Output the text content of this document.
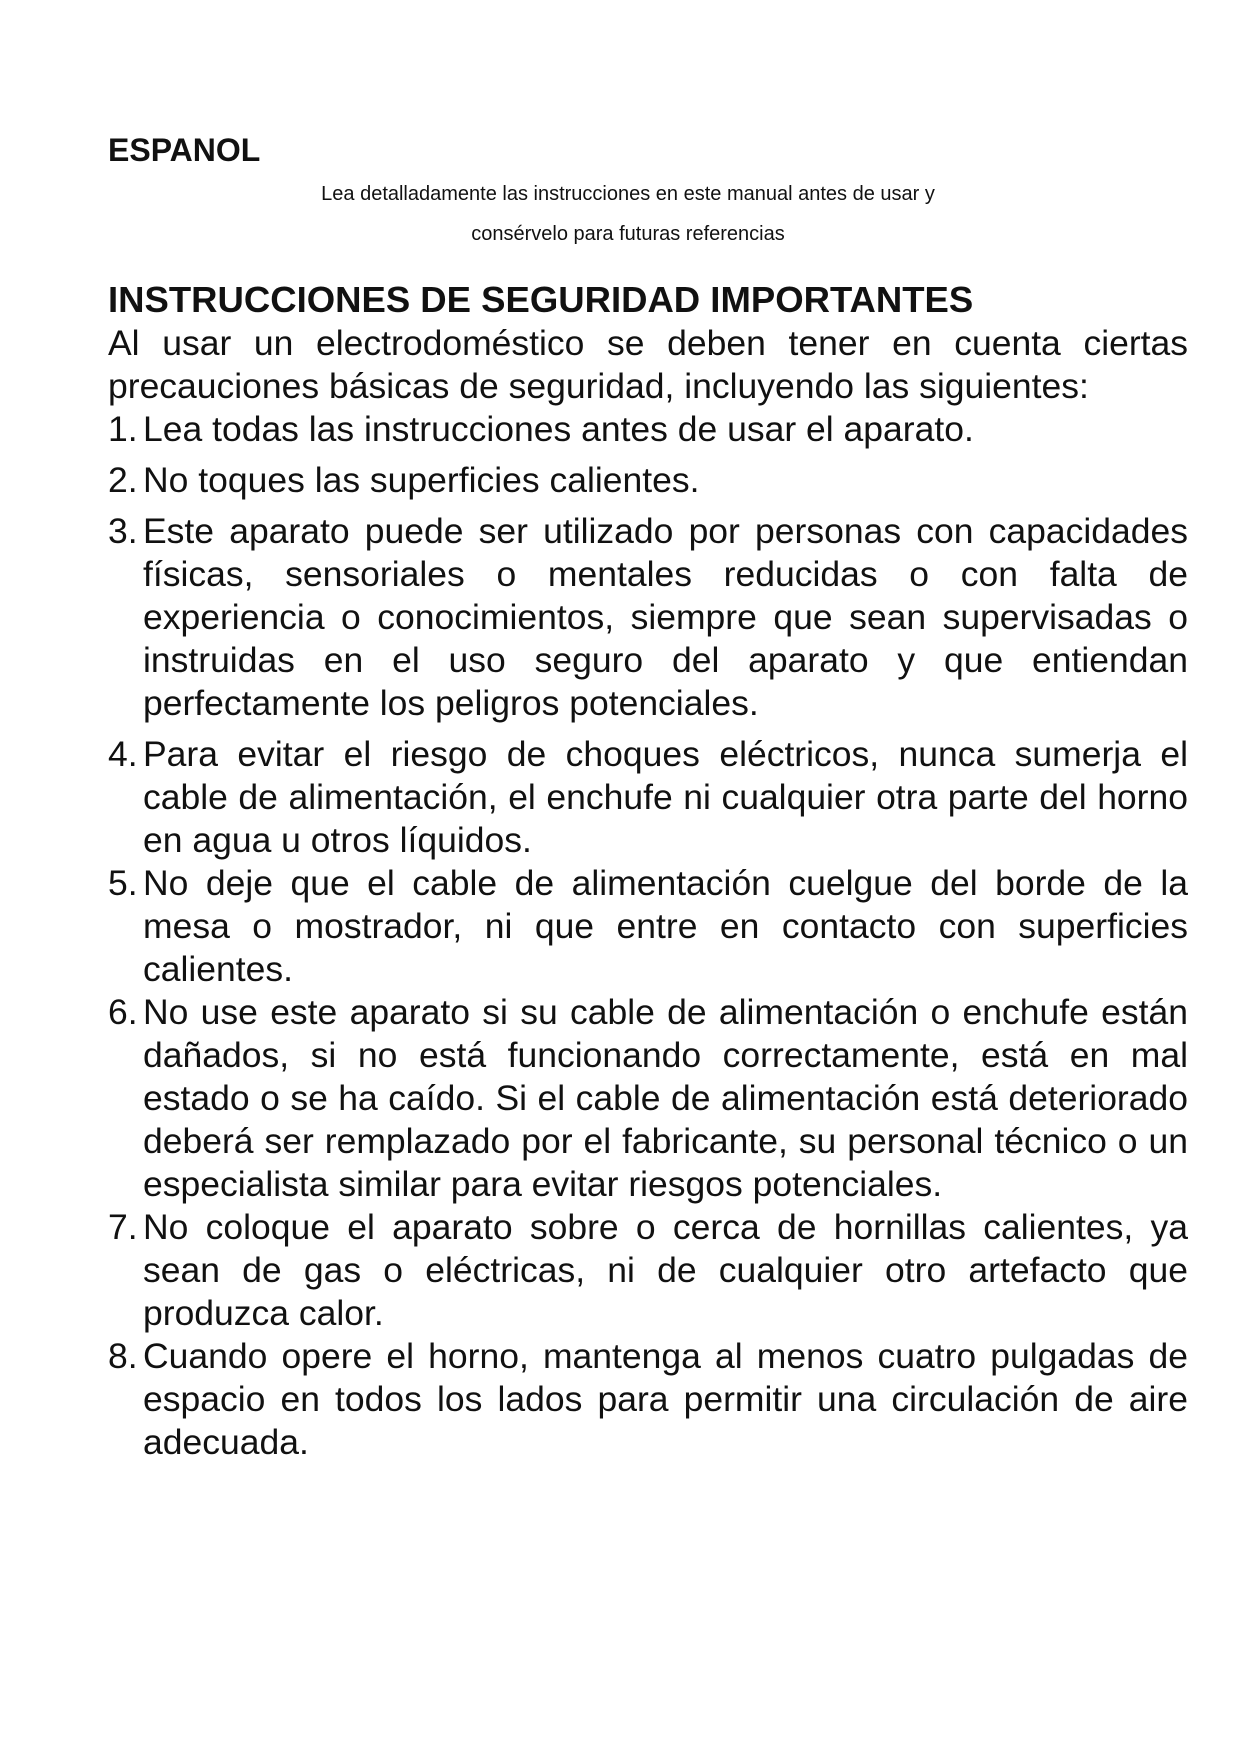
ESPANOL

Lea detalladamente las instrucciones en este manual antes de usar y
consérvelo para futuras referencias

INSTRUCCIONES DE SEGURIDAD IMPORTANTES

Al usar un electrodoméstico se deben tener en cuenta ciertas precauciones básicas de seguridad, incluyendo las siguientes:

1. Lea todas las instrucciones antes de usar el aparato.
2. No toques las superficies calientes.
3. Este aparato puede ser utilizado por personas con capacidades físicas, sensoriales o mentales reducidas o con falta de experiencia o conocimientos, siempre que sean supervisadas o instruidas en el uso seguro del aparato y que entiendan perfectamente los peligros potenciales.
4. Para evitar el riesgo de choques eléctricos, nunca sumerja el cable de alimentación, el enchufe ni cualquier otra parte del horno en agua u otros líquidos.
5. No deje que el cable de alimentación cuelgue del borde de la mesa o mostrador, ni que entre en contacto con superficies calientes.
6. No use este aparato si su cable de alimentación o enchufe están dañados, si no está funcionando correctamente, está en mal estado o se ha caído. Si el cable de alimentación está deteriorado deberá ser remplazado por el fabricante, su personal técnico o un especialista similar para evitar riesgos potenciales.
7. No coloque el aparato sobre o cerca de hornillas calientes, ya sean de gas o eléctricas, ni de cualquier otro artefacto que produzca calor.
8. Cuando opere el horno, mantenga al menos cuatro pulgadas de espacio en todos los lados para permitir una circulación de aire adecuada.
